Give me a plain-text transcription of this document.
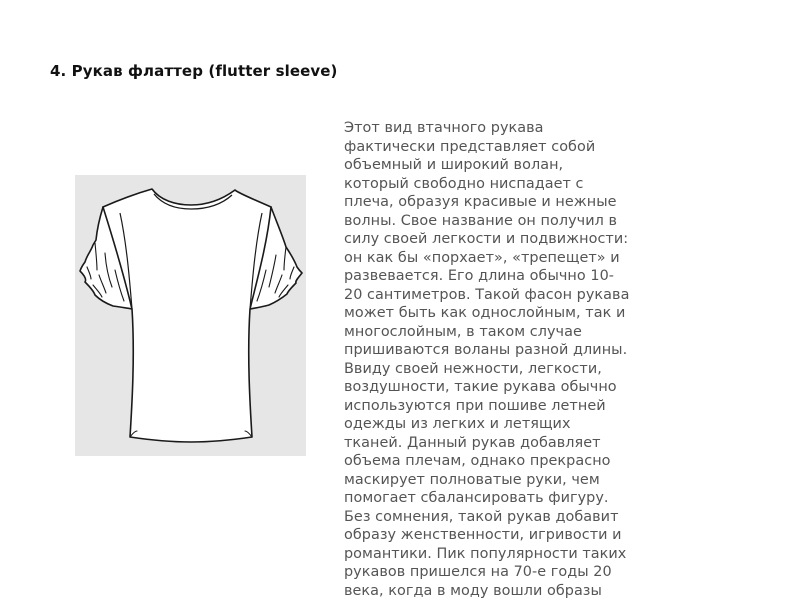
4. Рукав флаттер (flutter sleeve)
Этот вид втачного рукава
фактически представляет собой
объемный и широкий волан,
который свободно ниспадает с
плеча, образуя красивые и нежные
волны. Свое название он получил в
силу своей легкости и подвижности:
он как бы «порхает», «трепещет» и
развевается. Его длина обычно 10-
20 сантиметров. Такой фасон рукава
может быть как однослойным, так и
многослойным, в таком случае
пришиваются воланы разной длины.
Ввиду своей нежности, легкости,
воздушности, такие рукава обычно
используются при пошиве летней
одежды из легких и летящих
тканей. Данный рукав добавляет
объема плечам, однако прекрасно
маскирует полноватые руки, чем
помогает сбалансировать фигуру.
Без сомнения, такой рукав добавит
образу женственности, игривости и
романтики. Пик популярности таких
рукавов пришелся на 70-е годы 20
века, когда в моду вошли образы
